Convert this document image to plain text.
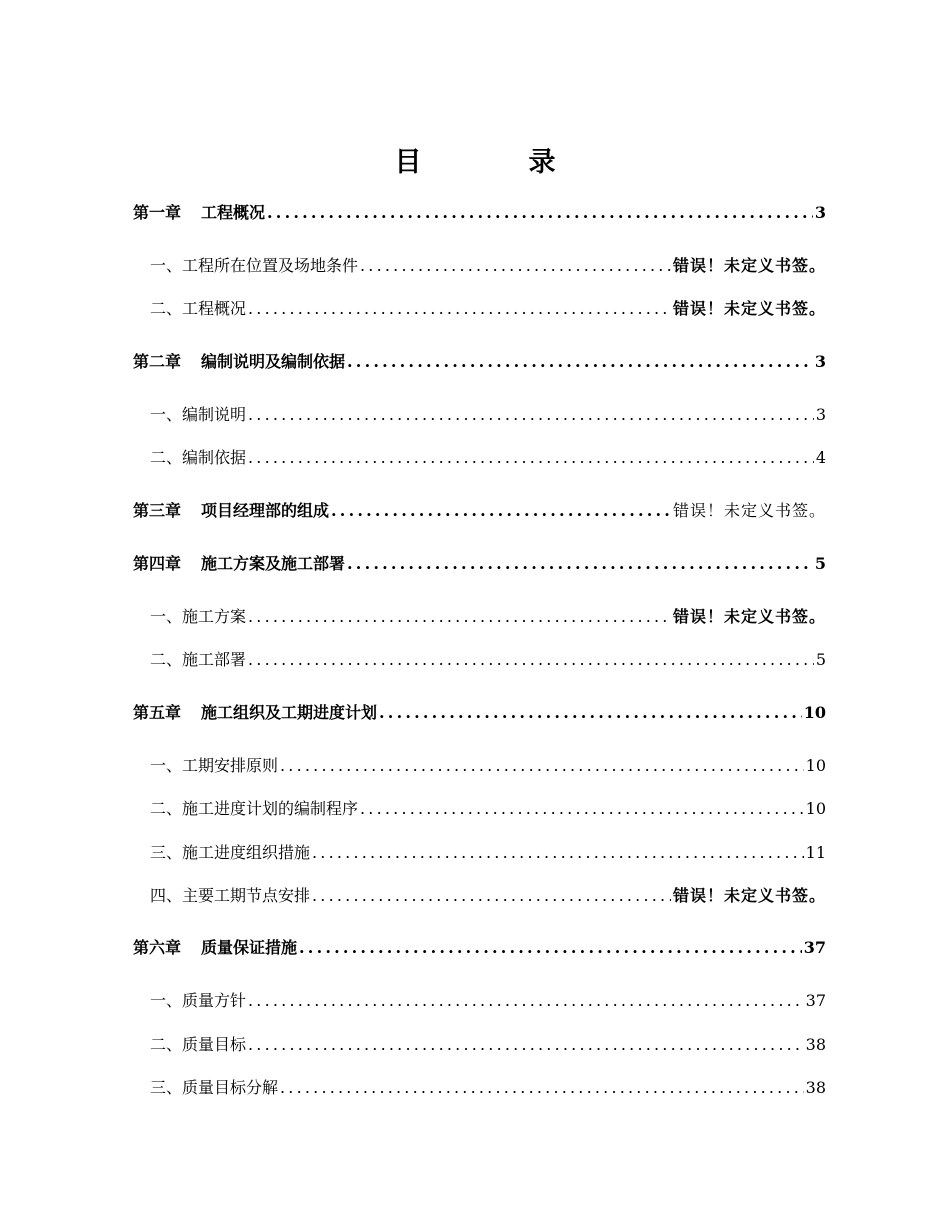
目　录
第一章 工程概况 .....	3
一、工程所在位置及场地条件 .....	错误！未定义书签。
二、工程概况 .....	错误！未定义书签。
第二章 编制说明及编制依据 .....	3
一、编制说明 .....	3
二、编制依据 .....	4
第三章 项目经理部的组成 .....	错误！未定义书签。
第四章 施工方案及施工部署 .....	5
一、施工方案 .....	错误！未定义书签。
二、施工部署 .....	5
第五章 施工组织及工期进度计划 .....	10
一、工期安排原则 .....	10
二、施工进度计划的编制程序 .....	10
三、施工进度组织措施 .....	11
四、主要工期节点安排 .....	错误！未定义书签。
第六章 质量保证措施 .....	37
一、质量方针 .....	37
二、质量目标 .....	38
三、质量目标分解 .....	38
